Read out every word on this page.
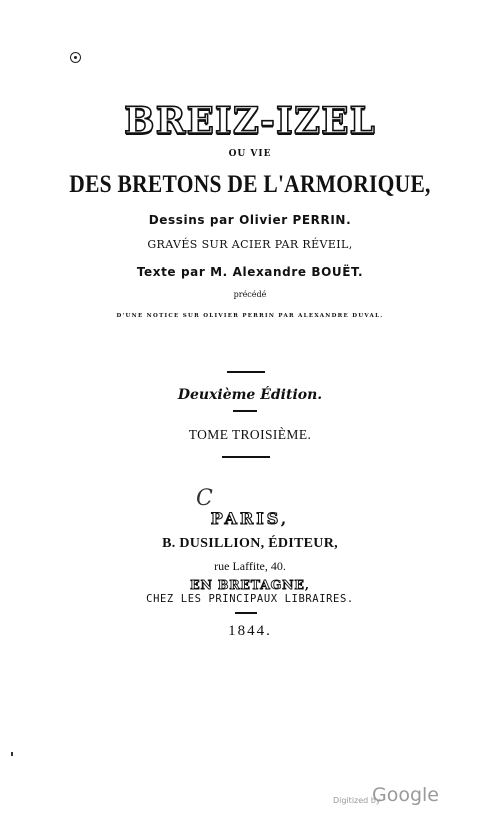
BREIZ-IZEL
OU VIE
DES BRETONS DE L'ARMORIQUE,
Dessins par Olivier PERRIN.
GRAVÉS SUR ACIER PAR RÉVEIL,
Texte par M. Alexandre BOUËT.
précédé
D'UNE NOTICE SUR OLIVIER PERRIN PAR ALEXANDRE DUVAL.
Deuxième Édition.
TOME TROISIÈME.
C
PARIS,
B. DUSILLION, ÉDITEUR,
rue Laffite, 40.
EN BRETAGNE,
CHEZ LES PRINCIPAUX LIBRAIRES.
1844.
Digitized by
Google
